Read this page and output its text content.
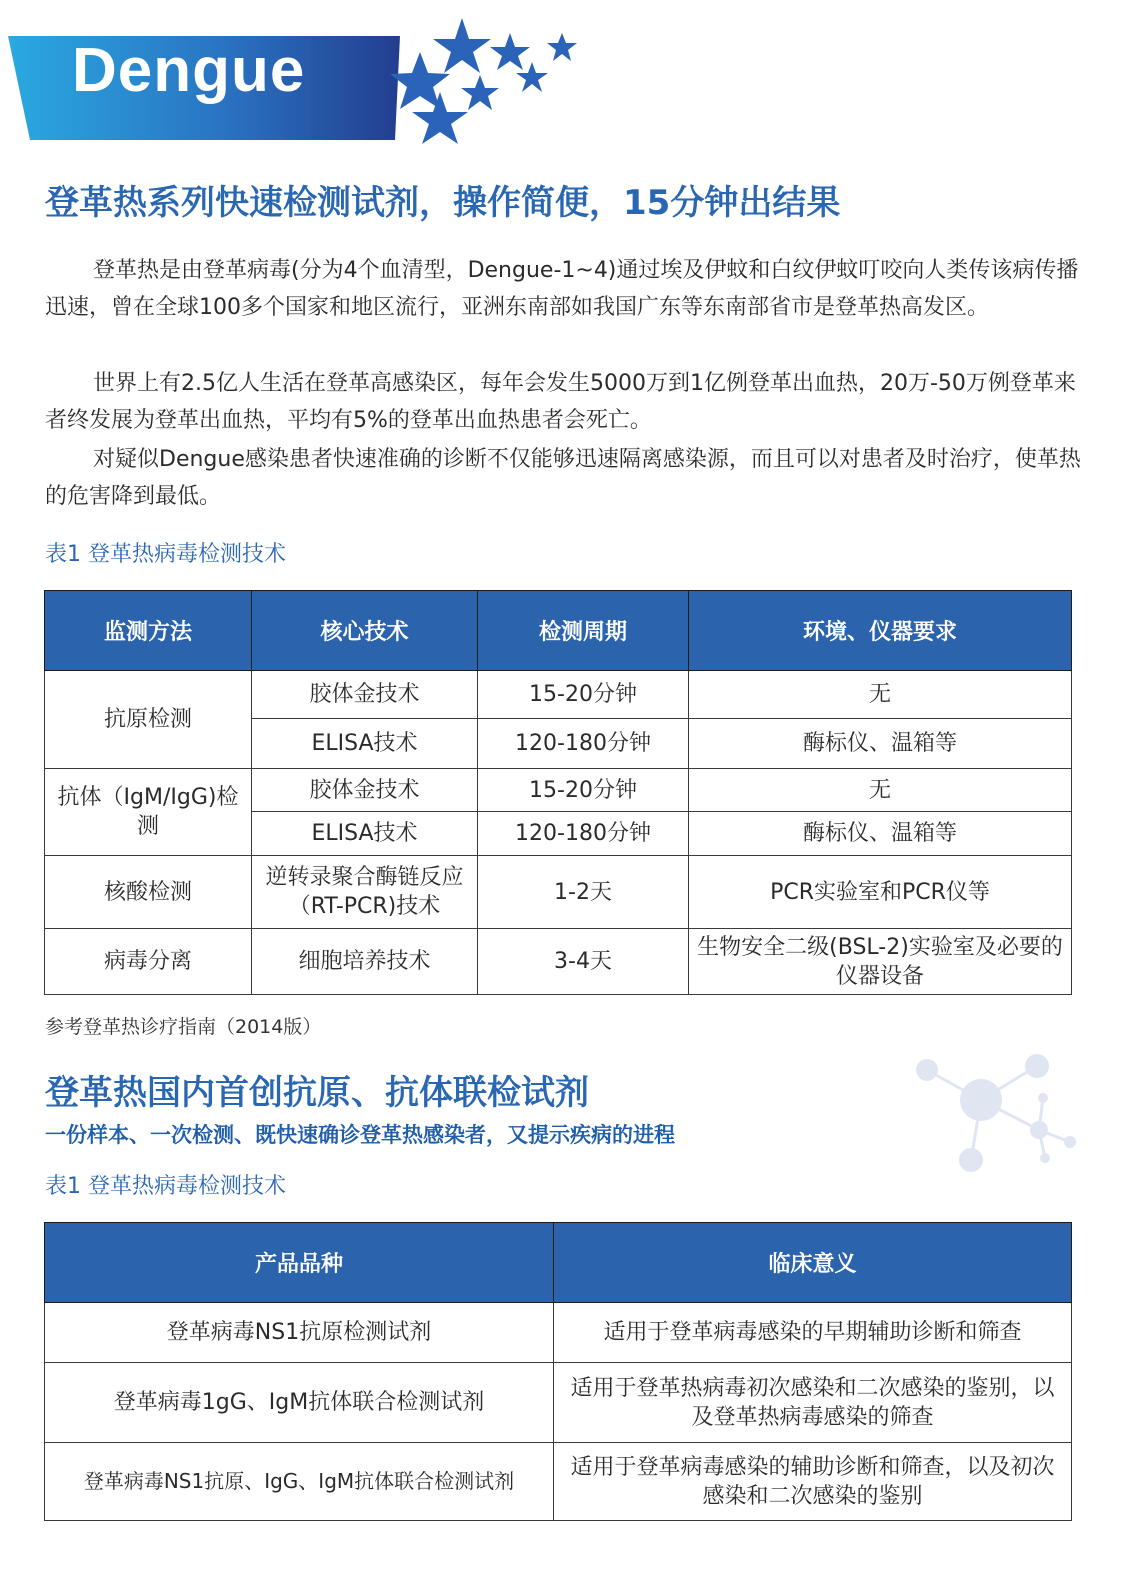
Dengue
登革热系列快速检测试剂，操作简便，15分钟出结果

登革热是由登革病毒(分为4个血清型，Dengue-1~4)通过埃及伊蚊和白纹伊蚊叮咬向人类传该病传播迅速，曾在全球100多个国家和地区流行，亚洲东南部如我国广东等东南部省市是登革热高发区。

世界上有2.5亿人生活在登革高感染区，每年会发生5000万到1亿例登革出血热，20万-50万例登革来者终发展为登革出血热，平均有5%的登革出血热患者会死亡。

对疑似Dengue感染患者快速准确的诊断不仅能够迅速隔离感染源，而且可以对患者及时治疗，使革热的危害降到最低。

表1 登革热病毒检测技术
监测方法	核心技术	检测周期	环境、仪器要求
抗原检测	胶体金技术	15-20分钟	无
	ELISA技术	120-180分钟	酶标仪、温箱等
抗体（IgM/IgG)检测	胶体金技术	15-20分钟	无
	ELISA技术	120-180分钟	酶标仪、温箱等
核酸检测	逆转录聚合酶链反应（RT-PCR)技术	1-2天	PCR实验室和PCR仪等
病毒分离	细胞培养技术	3-4天	生物安全二级(BSL-2)实验室及必要的仪器设备
参考登革热诊疗指南（2014版）
登革热国内首创抗原、抗体联检试剂
一份样本、一次检测、既快速确诊登革热感染者，又提示疾病的进程
表1 登革热病毒检测技术
产品品种	临床意义
登革病毒NS1抗原检测试剂	适用于登革病毒感染的早期辅助诊断和筛查
登革病毒1gG、IgM抗体联合检测试剂	适用于登革热病毒初次感染和二次感染的鉴别，以及登革热病毒感染的筛查
登革病毒NS1抗原、IgG、IgM抗体联合检测试剂	适用于登革病毒感染的辅助诊断和筛查，以及初次感染和二次感染的鉴别
